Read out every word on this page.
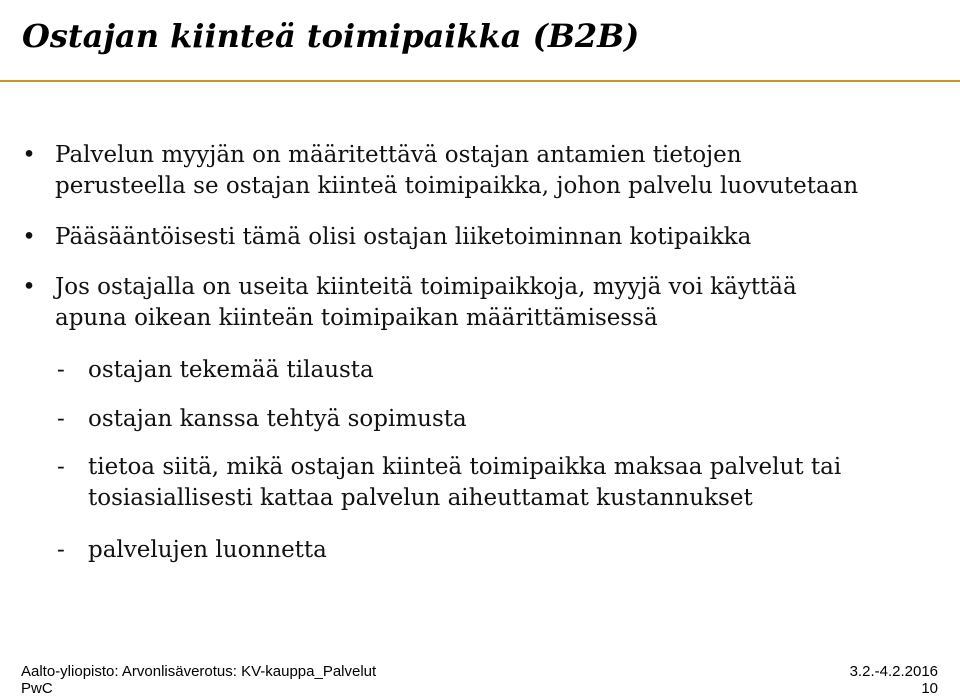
Ostajan kiinteä toimipaikka (B2B)
• Palvelun myyjän on määritettävä ostajan antamien tietojen
perusteella se ostajan kiinteä toimipaikka, johon palvelu luovutetaan
• Pääsääntöisesti tämä olisi ostajan liiketoiminnan kotipaikka
• Jos ostajalla on useita kiinteitä toimipaikkoja, myyjä voi käyttää
apuna oikean kiinteän toimipaikan määrittämisessä
- ostajan tekemää tilausta
- ostajan kanssa tehtyä sopimusta
- tietoa siitä, mikä ostajan kiinteä toimipaikka maksaa palvelut tai
tosiasiallisesti kattaa palvelun aiheuttamat kustannukset
- palvelujen luonnetta
Aalto-yliopisto: Arvonlisäverotus: KV-kauppa_Palvelut	3.2.-4.2.2016
PwC	10
